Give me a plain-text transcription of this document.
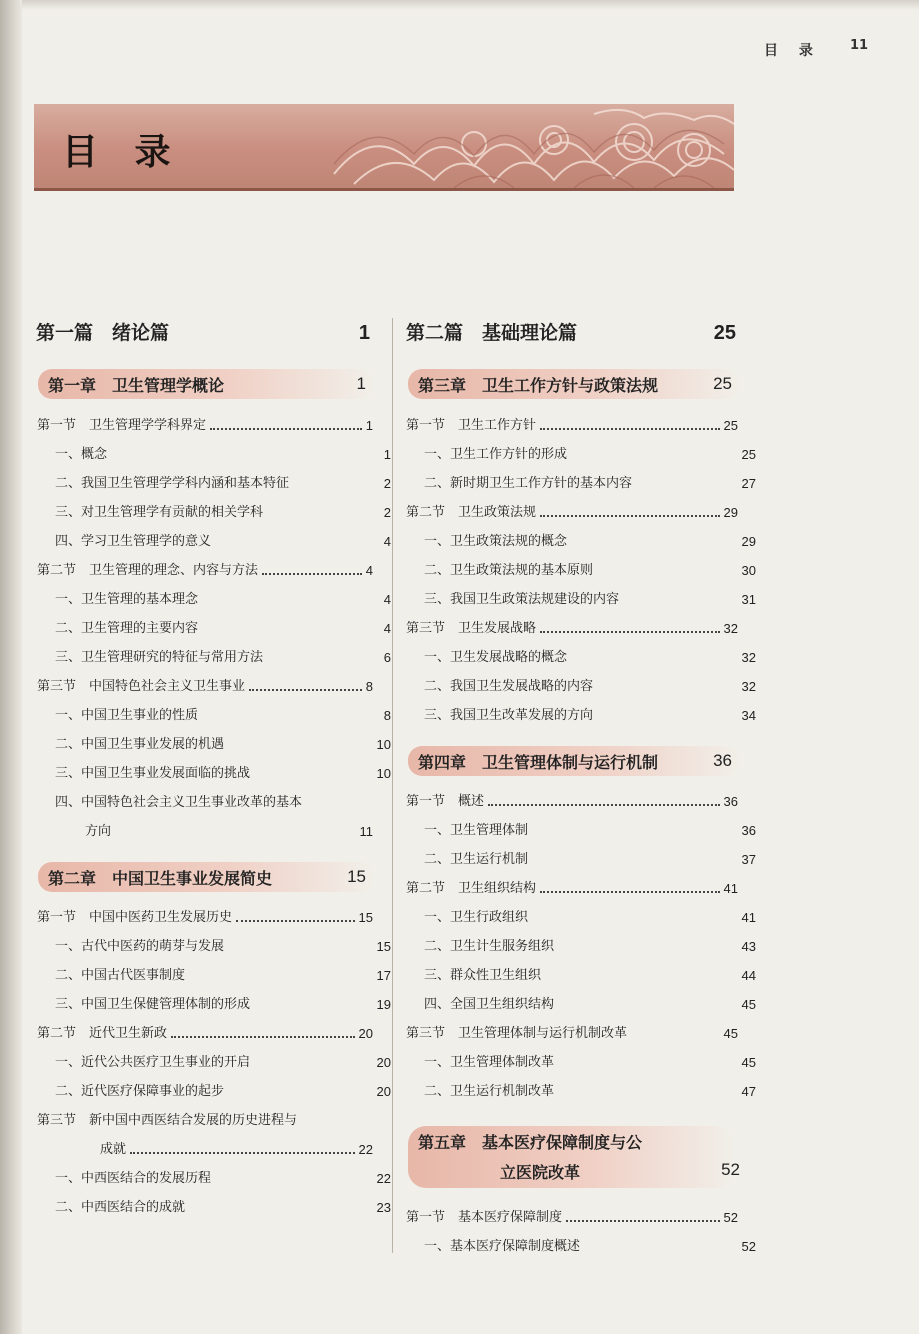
目 录 11
目 录

第一篇　绪论篇	1
第一章　卫生管理学概论	1
第一节　卫生管理学学科界定	1
一、概念	1
二、我国卫生管理学学科内涵和基本特征	2
三、对卫生管理学有贡献的相关学科	2
四、学习卫生管理学的意义	4
第二节　卫生管理的理念、内容与方法	4
一、卫生管理的基本理念	4
二、卫生管理的主要内容	4
三、卫生管理研究的特征与常用方法	6
第三节　中国特色社会主义卫生事业	8
一、中国卫生事业的性质	8
二、中国卫生事业发展的机遇	10
三、中国卫生事业发展面临的挑战	10
四、中国特色社会主义卫生事业改革的基本
方向	11
第二章　中国卫生事业发展简史	15
第一节　中国中医药卫生发展历史	15
一、古代中医药的萌芽与发展	15
二、中国古代医事制度	17
三、中国卫生保健管理体制的形成	19
第二节　近代卫生新政	20
一、近代公共医疗卫生事业的开启	20
二、近代医疗保障事业的起步	20
第三节　新中国中西医结合发展的历史进程与
成就	22
一、中西医结合的发展历程	22
二、中西医结合的成就	23
第二篇　基础理论篇	25
第三章　卫生工作方针与政策法规	25
第一节　卫生工作方针	25
一、卫生工作方针的形成	25
二、新时期卫生工作方针的基本内容	27
第二节　卫生政策法规	29
一、卫生政策法规的概念	29
二、卫生政策法规的基本原则	30
三、我国卫生政策法规建设的内容	31
第三节　卫生发展战略	32
一、卫生发展战略的概念	32
二、我国卫生发展战略的内容	32
三、我国卫生改革发展的方向	34
第四章　卫生管理体制与运行机制	36
第一节　概述	36
一、卫生管理体制	36
二、卫生运行机制	37
第二节　卫生组织结构	41
一、卫生行政组织	41
二、卫生计生服务组织	43
三、群众性卫生组织	44
四、全国卫生组织结构	45
第三节　卫生管理体制与运行机制改革	45
一、卫生管理体制改革	45
二、卫生运行机制改革	47
第五章　基本医疗保障制度与公
立医院改革	52
第一节　基本医疗保障制度	52
一、基本医疗保障制度概述	52
